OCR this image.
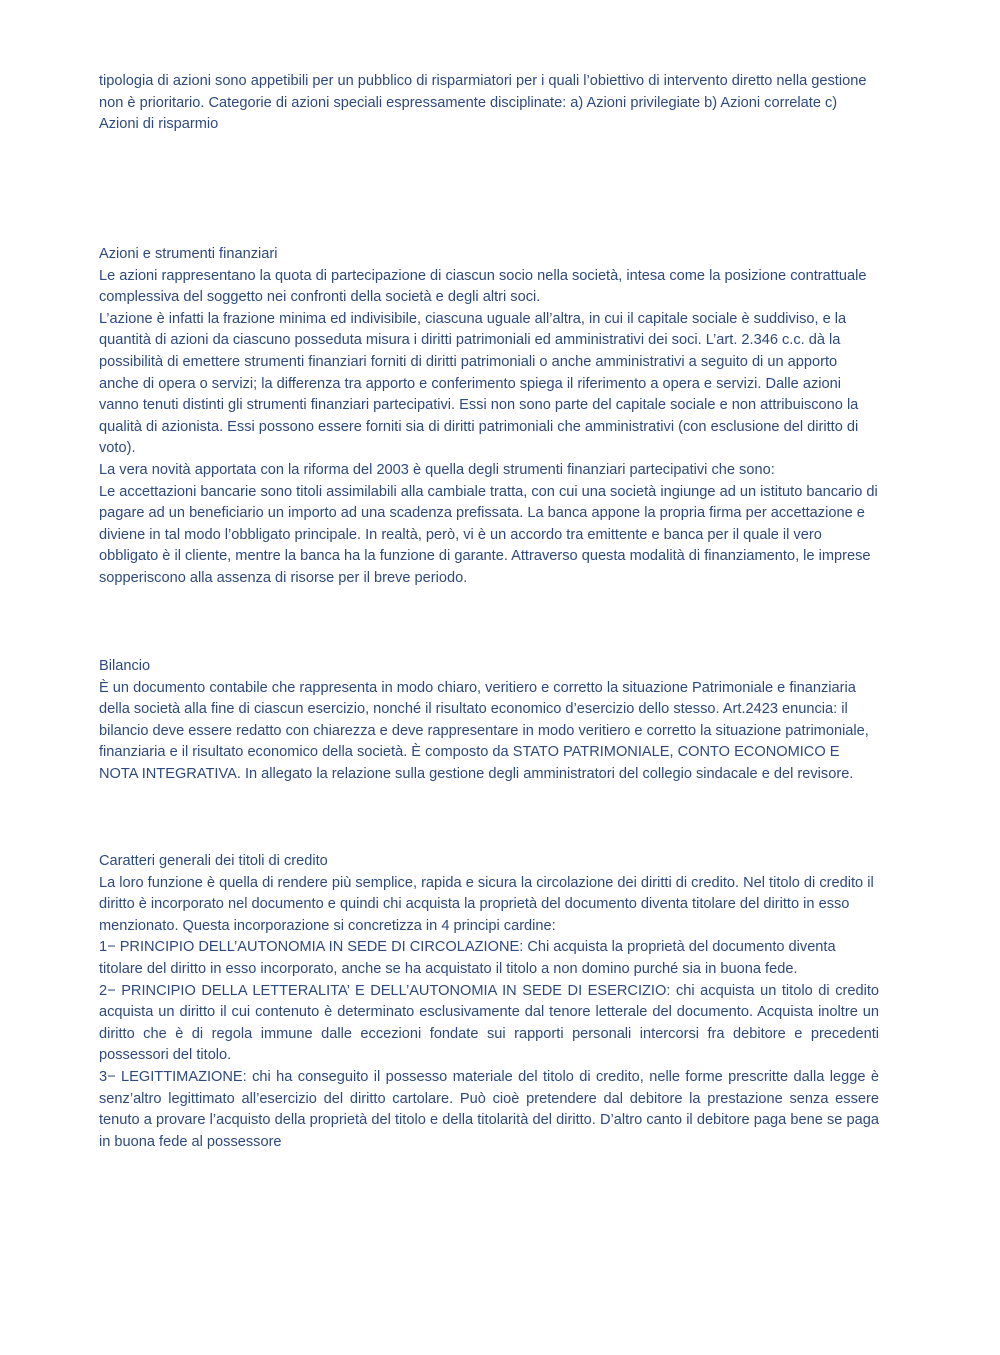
tipologia di azioni sono appetibili per un pubblico di risparmiatori per i quali l’obiettivo di intervento diretto nella gestione non è prioritario. Categorie di azioni speciali espressamente disciplinate: a) Azioni privilegiate b) Azioni correlate c) Azioni di risparmio

Azioni e strumenti finanziari

Le azioni rappresentano la quota di partecipazione di ciascun socio nella società, intesa come la posizione contrattuale complessiva del soggetto nei confronti della società e degli altri soci.

L’azione è infatti la frazione minima ed indivisibile, ciascuna uguale all’altra, in cui il capitale sociale è suddiviso, e la quantità di azioni da ciascuno posseduta misura i diritti patrimoniali ed amministrativi dei soci. L’art. 2.346 c.c. dà la possibilità di emettere strumenti finanziari forniti di diritti patrimoniali o anche amministrativi a seguito di un apporto anche di opera o servizi; la differenza tra apporto e conferimento spiega il riferimento a opera e servizi. Dalle azioni vanno tenuti distinti gli strumenti finanziari partecipativi. Essi non sono parte del capitale sociale e non attribuiscono la qualità di azionista. Essi possono essere forniti sia di diritti patrimoniali che amministrativi (con esclusione del diritto di voto).

La vera novità apportata con la riforma del 2003 è quella degli strumenti finanziari partecipativi che sono:

Le accettazioni bancarie sono titoli assimilabili alla cambiale tratta, con cui una società ingiunge ad un istituto bancario di pagare ad un beneficiario un importo ad una scadenza prefissata. La banca appone la propria firma per accettazione e diviene in tal modo l’obbligato principale. In realtà, però, vi è un accordo tra emittente e banca per il quale il vero obbligato è il cliente, mentre la banca ha la funzione di garante. Attraverso questa modalità di finanziamento, le imprese sopperiscono alla assenza di risorse per il breve periodo.

Bilancio

È un documento contabile che rappresenta in modo chiaro, veritiero e corretto la situazione Patrimoniale e finanziaria della società alla fine di ciascun esercizio, nonché il risultato economico d’esercizio dello stesso. Art.2423 enuncia: il bilancio deve essere redatto con chiarezza e deve rappresentare in modo veritiero e corretto la situazione patrimoniale, finanziaria e il risultato economico della società. È composto da STATO PATRIMONIALE, CONTO ECONOMICO E NOTA INTEGRATIVA. In allegato la relazione sulla gestione degli amministratori del collegio sindacale e del revisore.

Caratteri generali dei titoli di credito

La loro funzione è quella di rendere più semplice, rapida e sicura la circolazione dei diritti di credito. Nel titolo di credito il diritto è incorporato nel documento e quindi chi acquista la proprietà del documento diventa titolare del diritto in esso menzionato. Questa incorporazione si concretizza in 4 principi cardine:

1− PRINCIPIO DELL’AUTONOMIA IN SEDE DI CIRCOLAZIONE: Chi acquista la proprietà del documento diventa titolare del diritto in esso incorporato, anche se ha acquistato il titolo a non domino purché sia in buona fede.

2− PRINCIPIO DELLA LETTERALITA’ E DELL’AUTONOMIA IN SEDE DI ESERCIZIO: chi acquista un titolo di credito acquista un diritto il cui contenuto è determinato esclusivamente dal tenore letterale del documento. Acquista inoltre un diritto che è di regola immune dalle eccezioni fondate sui rapporti personali intercorsi fra debitore e precedenti possessori del titolo.

3− LEGITTIMAZIONE: chi ha conseguito il possesso materiale del titolo di credito, nelle forme prescritte dalla legge è senz’altro legittimato all’esercizio del diritto cartolare. Può cioè pretendere dal debitore la prestazione senza essere tenuto a provare l’acquisto della proprietà del titolo e della titolarità del diritto. D’altro canto il debitore paga bene se paga in buona fede al possessore
